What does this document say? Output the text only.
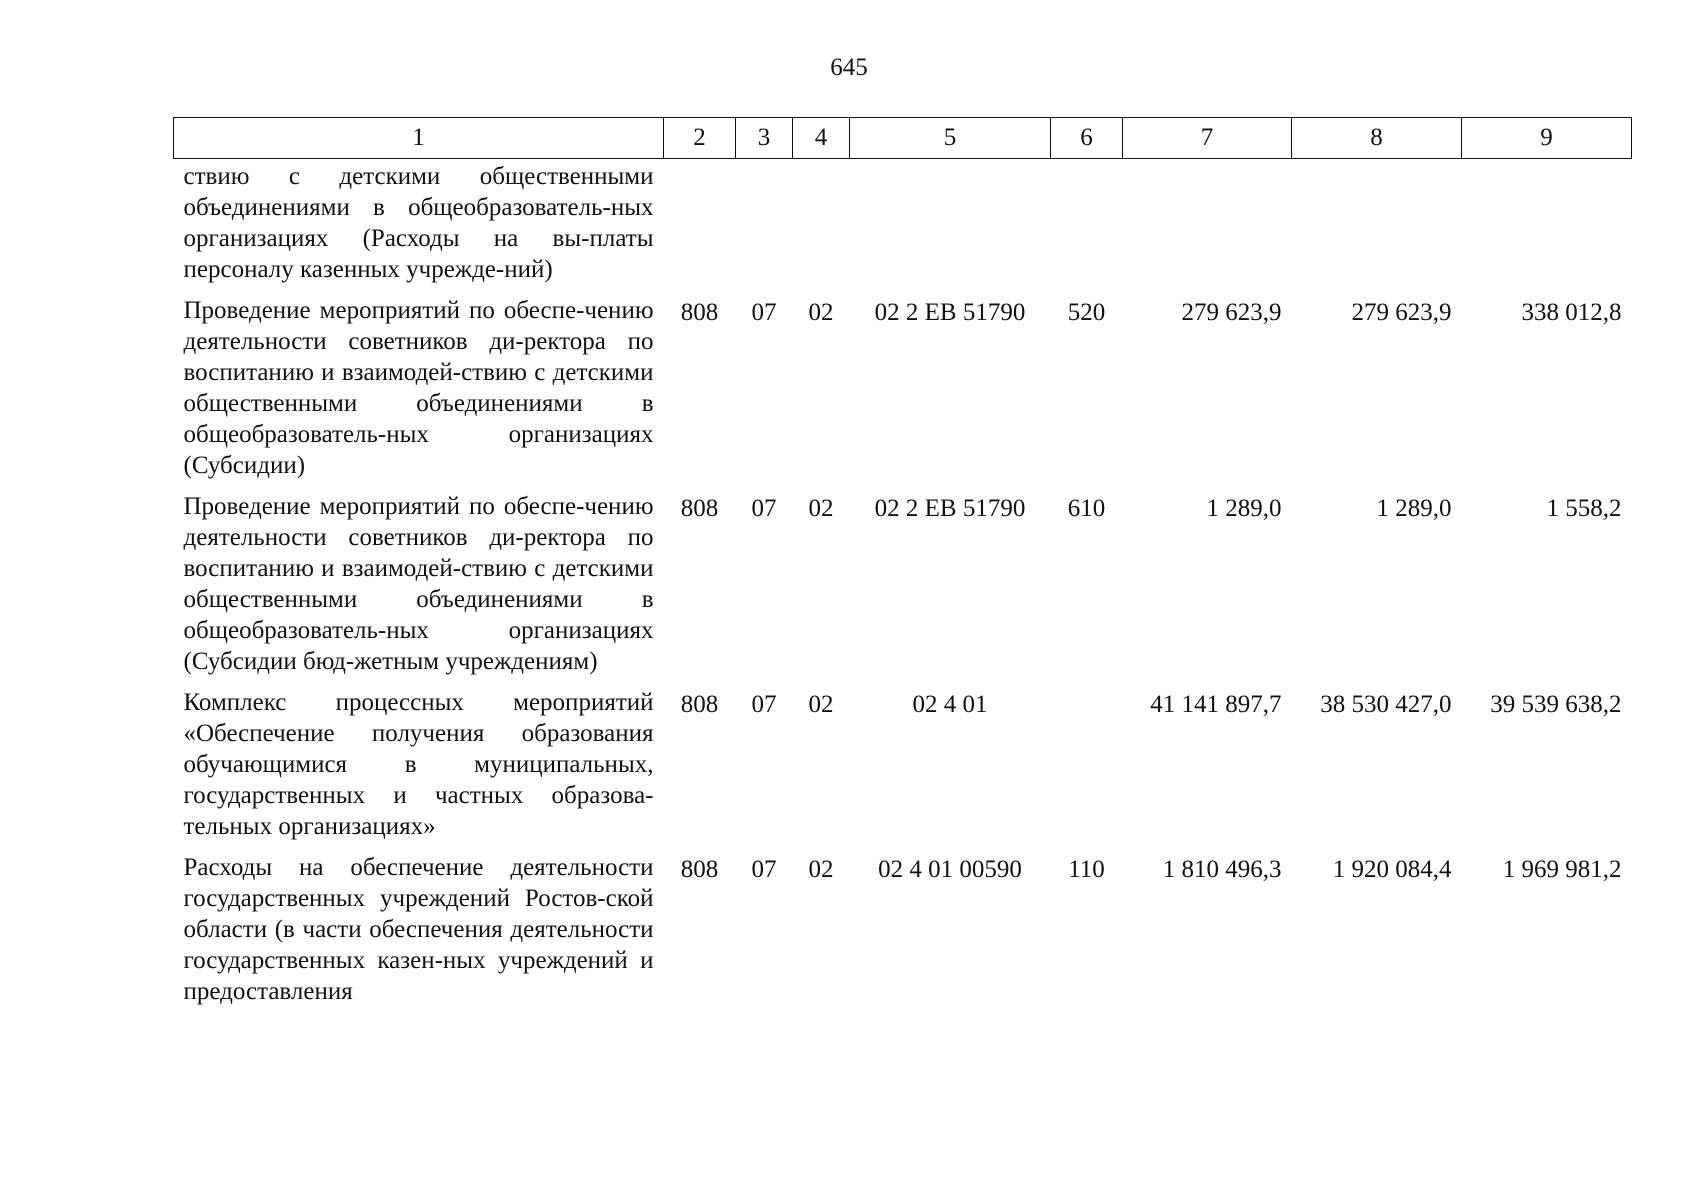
645
1	2	3	4	5	6	7	8	9
ствию с детскими общественными объединениями в общеобразователь-ных организациях (Расходы на вы-платы персоналу казенных учрежде-ний)								
Проведение мероприятий по обеспе-чению деятельности советников ди-ректора по воспитанию и взаимодей-ствию с детскими общественными объединениями в общеобразователь-ных организациях (Субсидии)	808	07	02	02 2 EB 51790	520	279 623,9	279 623,9	338 012,8
Проведение мероприятий по обеспе-чению деятельности советников ди-ректора по воспитанию и взаимодей-ствию с детскими общественными объединениями в общеобразователь-ных организациях (Субсидии бюд-жетным учреждениям)	808	07	02	02 2 EB 51790	610	1 289,0	1 289,0	1 558,2
Комплекс процессных мероприятий «Обеспечение получения образования обучающимися в муниципальных, государственных и частных образова-тельных организациях»	808	07	02	02 4 01		41 141 897,7	38 530 427,0	39 539 638,2
Расходы на обеспечение деятельности государственных учреждений Ростов-ской области (в части обеспечения деятельности государственных казен-ных учреждений и предоставления	808	07	02	02 4 01 00590	110	1 810 496,3	1 920 084,4	1 969 981,2
